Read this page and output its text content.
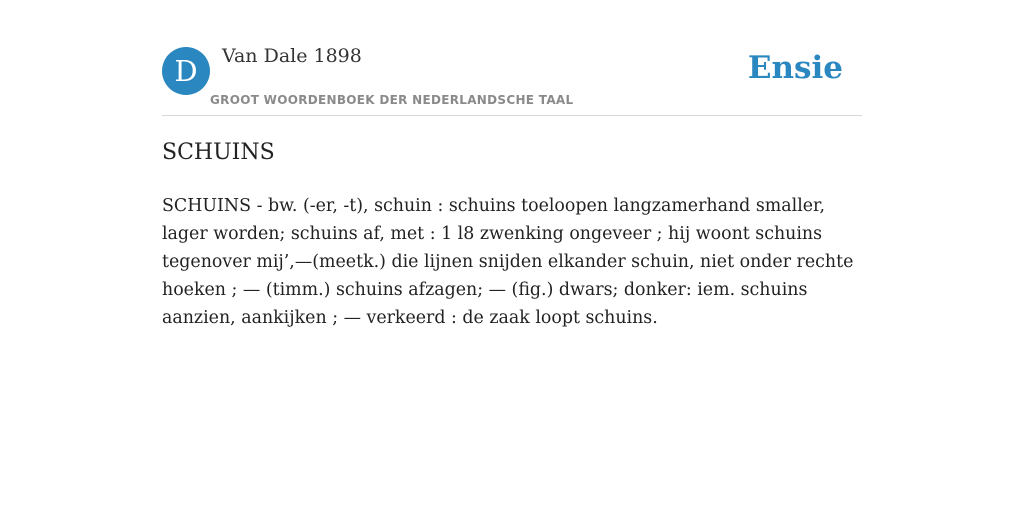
D	Van Dale 1898
GROOT WOORDENBOEK DER NEDERLANDSCHE TAAL
Ensie
SCHUINS

SCHUINS - bw. (-er, -t), schuin : schuins toeloopen langzamerhand smaller, lager worden; schuins af, met : 1 l8 zwenking ongeveer ; hij woont schuins tegenover mij’,—(meetk.) die lijnen snijden elkander schuin, niet onder rechte hoeken ; — (timm.) schuins afzagen; — (fig.) dwars; donker: iem. schuins aanzien, aankijken ; — verkeerd : de zaak loopt schuins.
